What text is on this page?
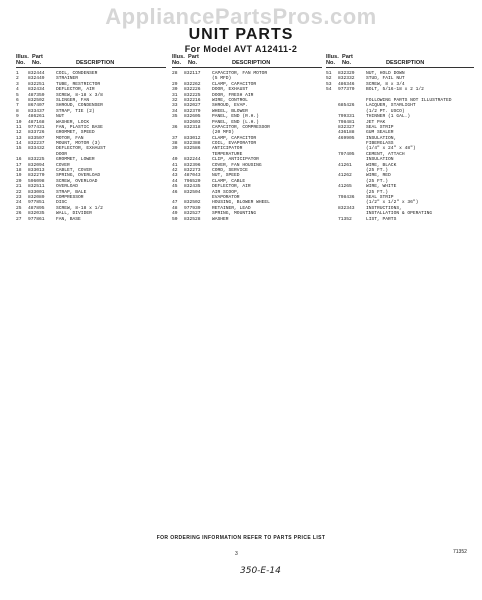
AppliancePartsPros.com
UNIT PARTS
For Model AVT A12411-2
Illus. Part
No. No.	DESCRIPTION
1	832444 COIL, CONDENSER
2	832449 STRAINER
3	832251 TUBE, RESTRICTOR
4	832434 DEFLECTOR, AIR
5	487359 SCREW, 8-18 x 3/8
6	832502 SLINGER, FAN
7	867407 SHROUD, CONDENSER
8	833437 STRAP, TIE (2)
9	486261 NUT
10	487168 WASHER, LOCK
11	977431 FAN, PLASTIC BASE
12	833726 GROMMET, SPEED
13	833507 MOTOR, FAN
14	832237 MOUNT, MOTOR (3)
15	833432 DEFLECTOR, EXHAUST
DOOR
16	833225 GROMMET, LOWER
17	832094 COVER
18	833013 CABLET, COVER
19	832270 SPRING, OVERLOAD
20	596098 SCREW, OVERLOAD
21	832511 OVERLOAD
22	833001 STRAP, BALE
23	832089 COMPRESSOR
24	977851 DISC
25	487895 SCREW, 8-18 x 1/2
26	832035 WALL, DIVIDER
27	977861 FAN, BASE
Illus. Part
No. No.	DESCRIPTION
28	832117 CAPACITOR, FAN MOTOR
(5 MFD)
29	832262 CLAMP, CAPACITOR
30	832226 DOOR, EXHAUST
31	832225 DOOR, FRESH AIR
32	832216 WIRE, CONTROL
33	832027 SHROUD, EVAP.
34	832370 WHEEL, BLOWER
35	832605 PANEL, END (R.H.)
832603 PANEL, END (L.H.)
36	832318 CAPACITOR, COMPRESSOR
(20 MFD)
37	833012 CLAMP, CAPACITOR
38	832388 COIL, EVAPORATOR
39	832586 ANTICIPATOR
TEMPERATURE
40	832244 CLIP, ANTICIPATOR
41	832396 COVER, FAN HOUSING
42	832273 CORD, SERVICE
43	487043 NUT, SPEED
44	796520 CLAMP, CABLE
45	832435 DEFLECTOR, AIR
46	832504 AIR SCOOP,
EVAPORATOR
47	832502 HOUSING, BLOWER WHEEL
48	977939 RETAINER, LEAD
49	832527 SPRING, MOUNTING
50	832528 WASHER
Illus. Part
No. No.	DESCRIPTION
51	832329 NUT, HOLD DOWN
52	832332 STUD, FAIL NUT
53	486346 SCREW, 8 x 3/4
54	977370 BOLT, 5/16-18 x 2 1/2
FOLLOWING PARTS NOT ILLUSTRATED
685426 LACQUER, STARLIGHT
(1/2 PT. USCO)
799331 THINNER (1 GAL.)
798481 JET PAK
832327 SEAL STRIP
436188 GUM SEALER
469905 INSULATION,
FIBERGLASS
(1/4" x 24" x 48")
797405 CEMENT, ATTACH
INSULATION
41261	WIRE, BLACK
(25 FT.)
41262	WIRE, RED
(25 FT.)
41265	WIRE, WHITE
(25 FT.)
798436 SEAL STRIP
(1/2" x 1/2" x 36")
832343 INSTRUCTIONS,
INSTALLATION & OPERATING
71352	LIST, PARTS
FOR ORDERING INFORMATION REFER TO PARTS PRICE LIST
3	71352
350-E-14
